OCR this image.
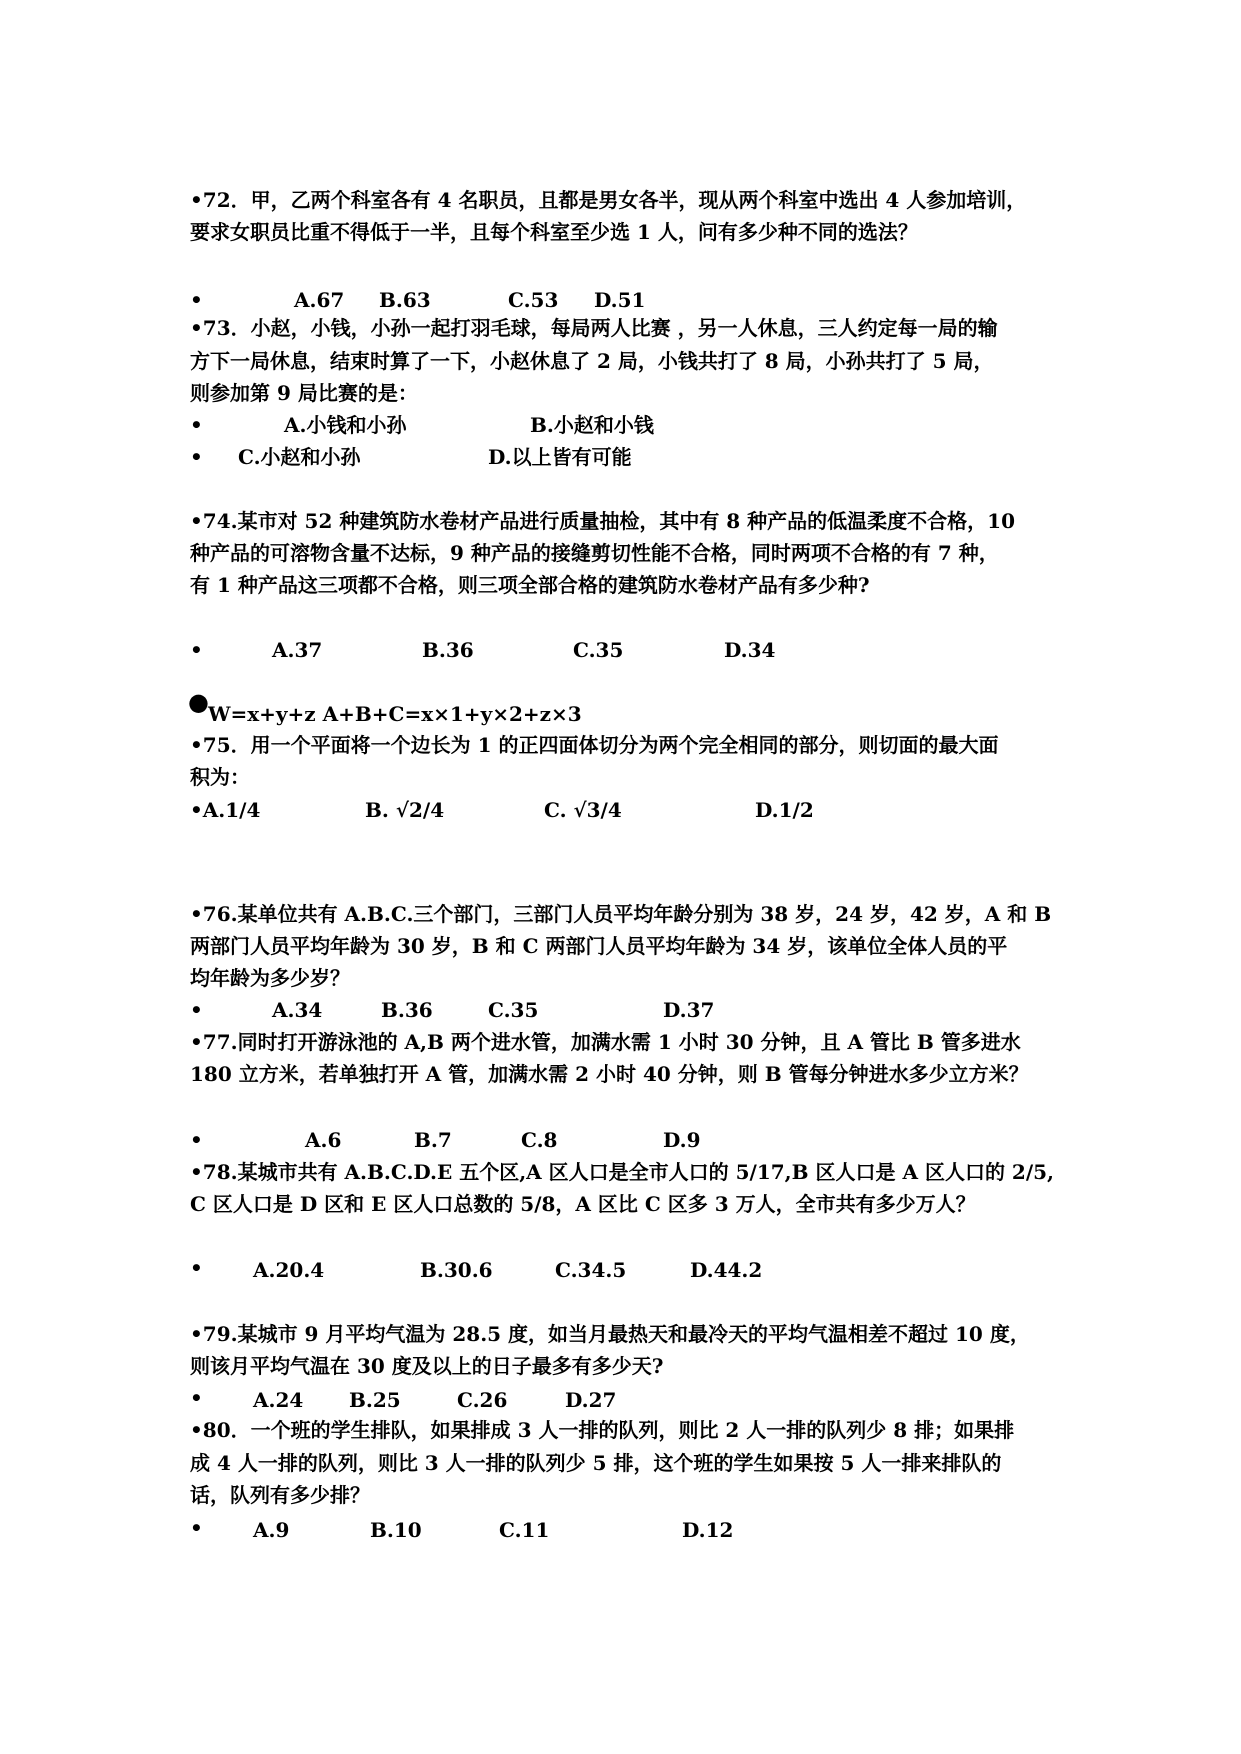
•72．甲，乙两个科室各有 4 名职员，且都是男女各半，现从两个科室中选出 4 人参加培训，
要求女职员比重不得低于一半，且每个科室至少选 1 人，问有多少种不同的选法？
•	A.67 B.63	C.53 D.51
•73．小赵，小钱，小孙一起打羽毛球，每局两人比赛 ，另一人休息，三人约定每一局的输
方下一局休息，结束时算了一下，小赵休息了 2 局，小钱共打了 8 局，小孙共打了 5 局，
则参加第 9 局比赛的是：
•	A.小钱和小孙	B.小赵和小钱
• C.小赵和小孙	D.以上皆有可能
•74.某市对 52 种建筑防水卷材产品进行质量抽检，其中有 8 种产品的低温柔度不合格，10
种产品的可溶物含量不达标，9 种产品的接缝剪切性能不合格，同时两项不合格的有 7 种，
有 1 种产品这三项都不合格，则三项全部合格的建筑防水卷材产品有多少种?
•	A.37	B.36	C.35	D.34
● W=x+y+z A+B+C=x×1+y×2+z×3
•75．用一个平面将一个边长为 1 的正四面体切分为两个完全相同的部分，则切面的最大面
积为：
•A.1/4	B. √2/4	C. √3/4	D.1/2
•76.某单位共有 A.B.C.三个部门，三部门人员平均年龄分别为 38 岁，24 岁，42 岁，A 和 B
两部门人员平均年龄为 30 岁，B 和 C 两部门人员平均年龄为 34 岁，该单位全体人员的平
均年龄为多少岁？
•	A.34	B.36	C.35	D.37
•77.同时打开游泳池的 A,B 两个进水管，加满水需 1 小时 30 分钟，且 A 管比 B 管多进水
180 立方米，若单独打开 A 管，加满水需 2 小时 40 分钟，则 B 管每分钟进水多少立方米？
•	A.6	B.7	C.8	D.9
•78.某城市共有 A.B.C.D.E 五个区,A 区人口是全市人口的 5/17,B 区人口是 A 区人口的 2/5,
C 区人口是 D 区和 E 区人口总数的 5/8，A 区比 C 区多 3 万人，全市共有多少万人？
•	A.20.4	B.30.6	C.34.5	D.44.2
•79.某城市 9 月平均气温为 28.5 度，如当月最热天和最冷天的平均气温相差不超过 10 度，
则该月平均气温在 30 度及以上的日子最多有多少天?
•	A.24 B.25	C.26	D.27
•80．一个班的学生排队，如果排成 3 人一排的队列，则比 2 人一排的队列少 8 排；如果排
成 4 人一排的队列，则比 3 人一排的队列少 5 排，这个班的学生如果按 5 人一排来排队的
话，队列有多少排？
•	A.9	B.10	C.11	D.12
